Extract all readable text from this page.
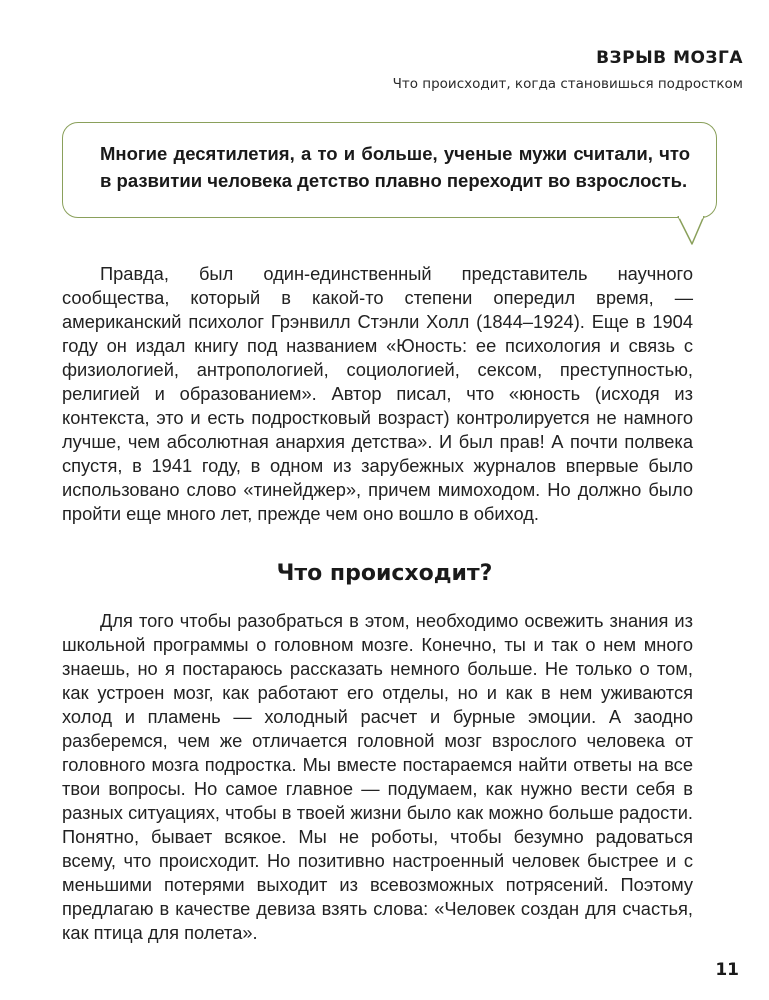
ВЗРЫВ МОЗГА
Что происходит, когда становишься подростком
Многие десятилетия, а то и больше, ученые мужи считали, что в развитии человека детство плавно переходит во взрослость.

Правда, был один-единственный представитель научного сообщества, который в какой-то степени опередил время, — американский психолог Грэнвилл Стэнли Холл (1844–1924). Еще в 1904 году он издал книгу под названием «Юность: ее психология и связь с физиологией, антропологией, социологией, сексом, преступностью, религией и образованием». Автор писал, что «юность (исходя из контекста, это и есть подростковый возраст) контролируется не намного лучше, чем абсолютная анархия детства». И был прав! А почти полвека спустя, в 1941 году, в одном из зарубежных журналов впервые было использовано слово «тинейджер», причем мимоходом. Но должно было пройти еще много лет, прежде чем оно вошло в обиход.

Что происходит?

Для того чтобы разобраться в этом, необходимо освежить знания из школьной программы о головном мозге. Конечно, ты и так о нем много знаешь, но я постараюсь рассказать немного больше. Не только о том, как устроен мозг, как работают его отделы, но и как в нем уживаются холод и пламень — холодный расчет и бурные эмоции. А заодно разберемся, чем же отличается головной мозг взрослого человека от головного мозга подростка. Мы вместе постараемся найти ответы на все твои вопросы. Но самое главное — подумаем, как нужно вести себя в разных ситуациях, чтобы в твоей жизни было как можно больше радости. Понятно, бывает всякое. Мы не роботы, чтобы безумно радоваться всему, что происходит. Но позитивно настроенный человек быстрее и с меньшими потерями выходит из всевозможных потрясений. Поэтому предлагаю в качестве девиза взять слова: «Человек создан для счастья, как птица для полета».

11
